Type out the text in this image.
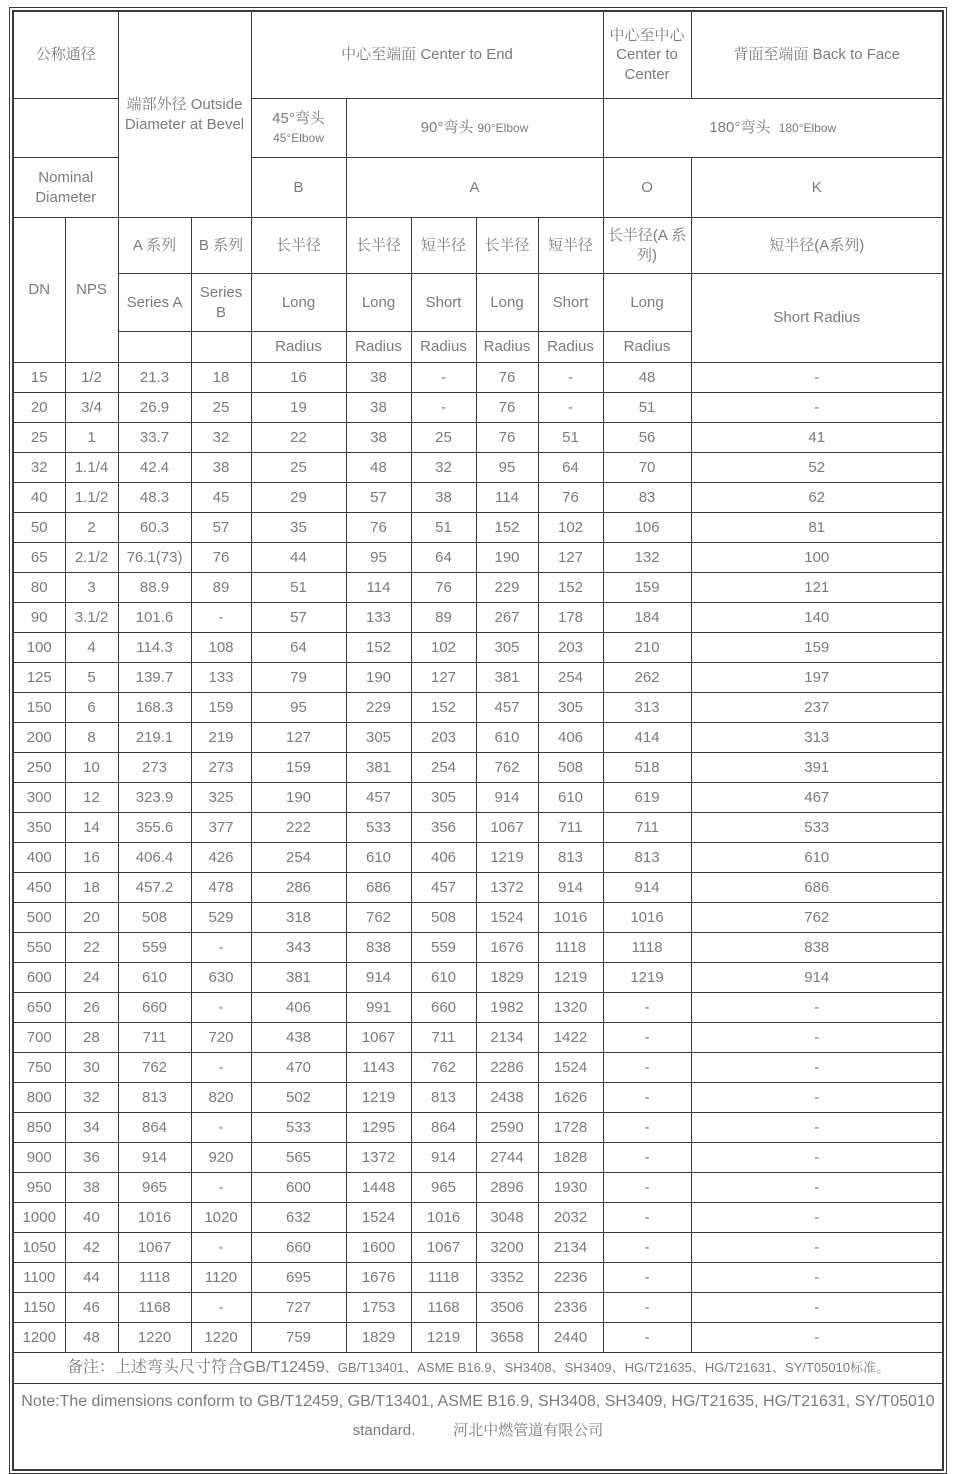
公称通径		端部外径 Outside Diameter at Bevel		中心至端面 Center to End					中心至中心 Center to Center	背面至端面 Back to Face
				45°弯头
45°Elbow	90°弯头 90°Elbow				180°弯头 180°Elbow	
Nominal Diameter				B	A				O	K
DN	NPS	A 系列	B 系列	长半径	长半径	短半径	长半径	短半径	长半径(A 系列)	短半径(A系列)
		Series A	Series B	Long	Long	Short	Long	Short	Long	Short Radius
				Radius	Radius	Radius	Radius	Radius	Radius	
15	1/2	21.3	18	16	38	-	76	-	48	-
20	3/4	26.9	25	19	38	-	76	-	51	-
25	1	33.7	32	22	38	25	76	51	56	41
32	1.1/4	42.4	38	25	48	32	95	64	70	52
40	1.1/2	48.3	45	29	57	38	114	76	83	62
50	2	60.3	57	35	76	51	152	102	106	81
65	2.1/2	76.1(73)	76	44	95	64	190	127	132	100
80	3	88.9	89	51	114	76	229	152	159	121
90	3.1/2	101.6	-	57	133	89	267	178	184	140
100	4	114.3	108	64	152	102	305	203	210	159
125	5	139.7	133	79	190	127	381	254	262	197
150	6	168.3	159	95	229	152	457	305	313	237
200	8	219.1	219	127	305	203	610	406	414	313
250	10	273	273	159	381	254	762	508	518	391
300	12	323.9	325	190	457	305	914	610	619	467
350	14	355.6	377	222	533	356	1067	711	711	533
400	16	406.4	426	254	610	406	1219	813	813	610
450	18	457.2	478	286	686	457	1372	914	914	686
500	20	508	529	318	762	508	1524	1016	1016	762
550	22	559	-	343	838	559	1676	1118	1118	838
600	24	610	630	381	914	610	1829	1219	1219	914
650	26	660	-	406	991	660	1982	1320	-	-
700	28	711	720	438	1067	711	2134	1422	-	-
750	30	762	-	470	1143	762	2286	1524	-	-
800	32	813	820	502	1219	813	2438	1626	-	-
850	34	864	-	533	1295	864	2590	1728	-	-
900	36	914	920	565	1372	914	2744	1828	-	-
950	38	965	-	600	1448	965	2896	1930	-	-
1000	40	1016	1020	632	1524	1016	3048	2032	-	-
1050	42	1067	-	660	1600	1067	3200	2134	-	-
1100	44	1118	1120	695	1676	1118	3352	2236	-	-
1150	46	1168	-	727	1753	1168	3506	2336	-	-
1200	48	1220	1220	759	1829	1219	3658	2440	-	-
备注：上述弯头尺寸符合GB/T12459、GB/T13401、ASME B16.9、SH3408、SH3409、HG/T21635、HG/T21631、SY/T05010标准。										

Note:The dimensions conform to GB/T12459, GB/T13401, ASME B16.9, SH3408, SH3409, HG/T21635, HG/T21631, SY/T05010
standard. 河北中燃管道有限公司										
